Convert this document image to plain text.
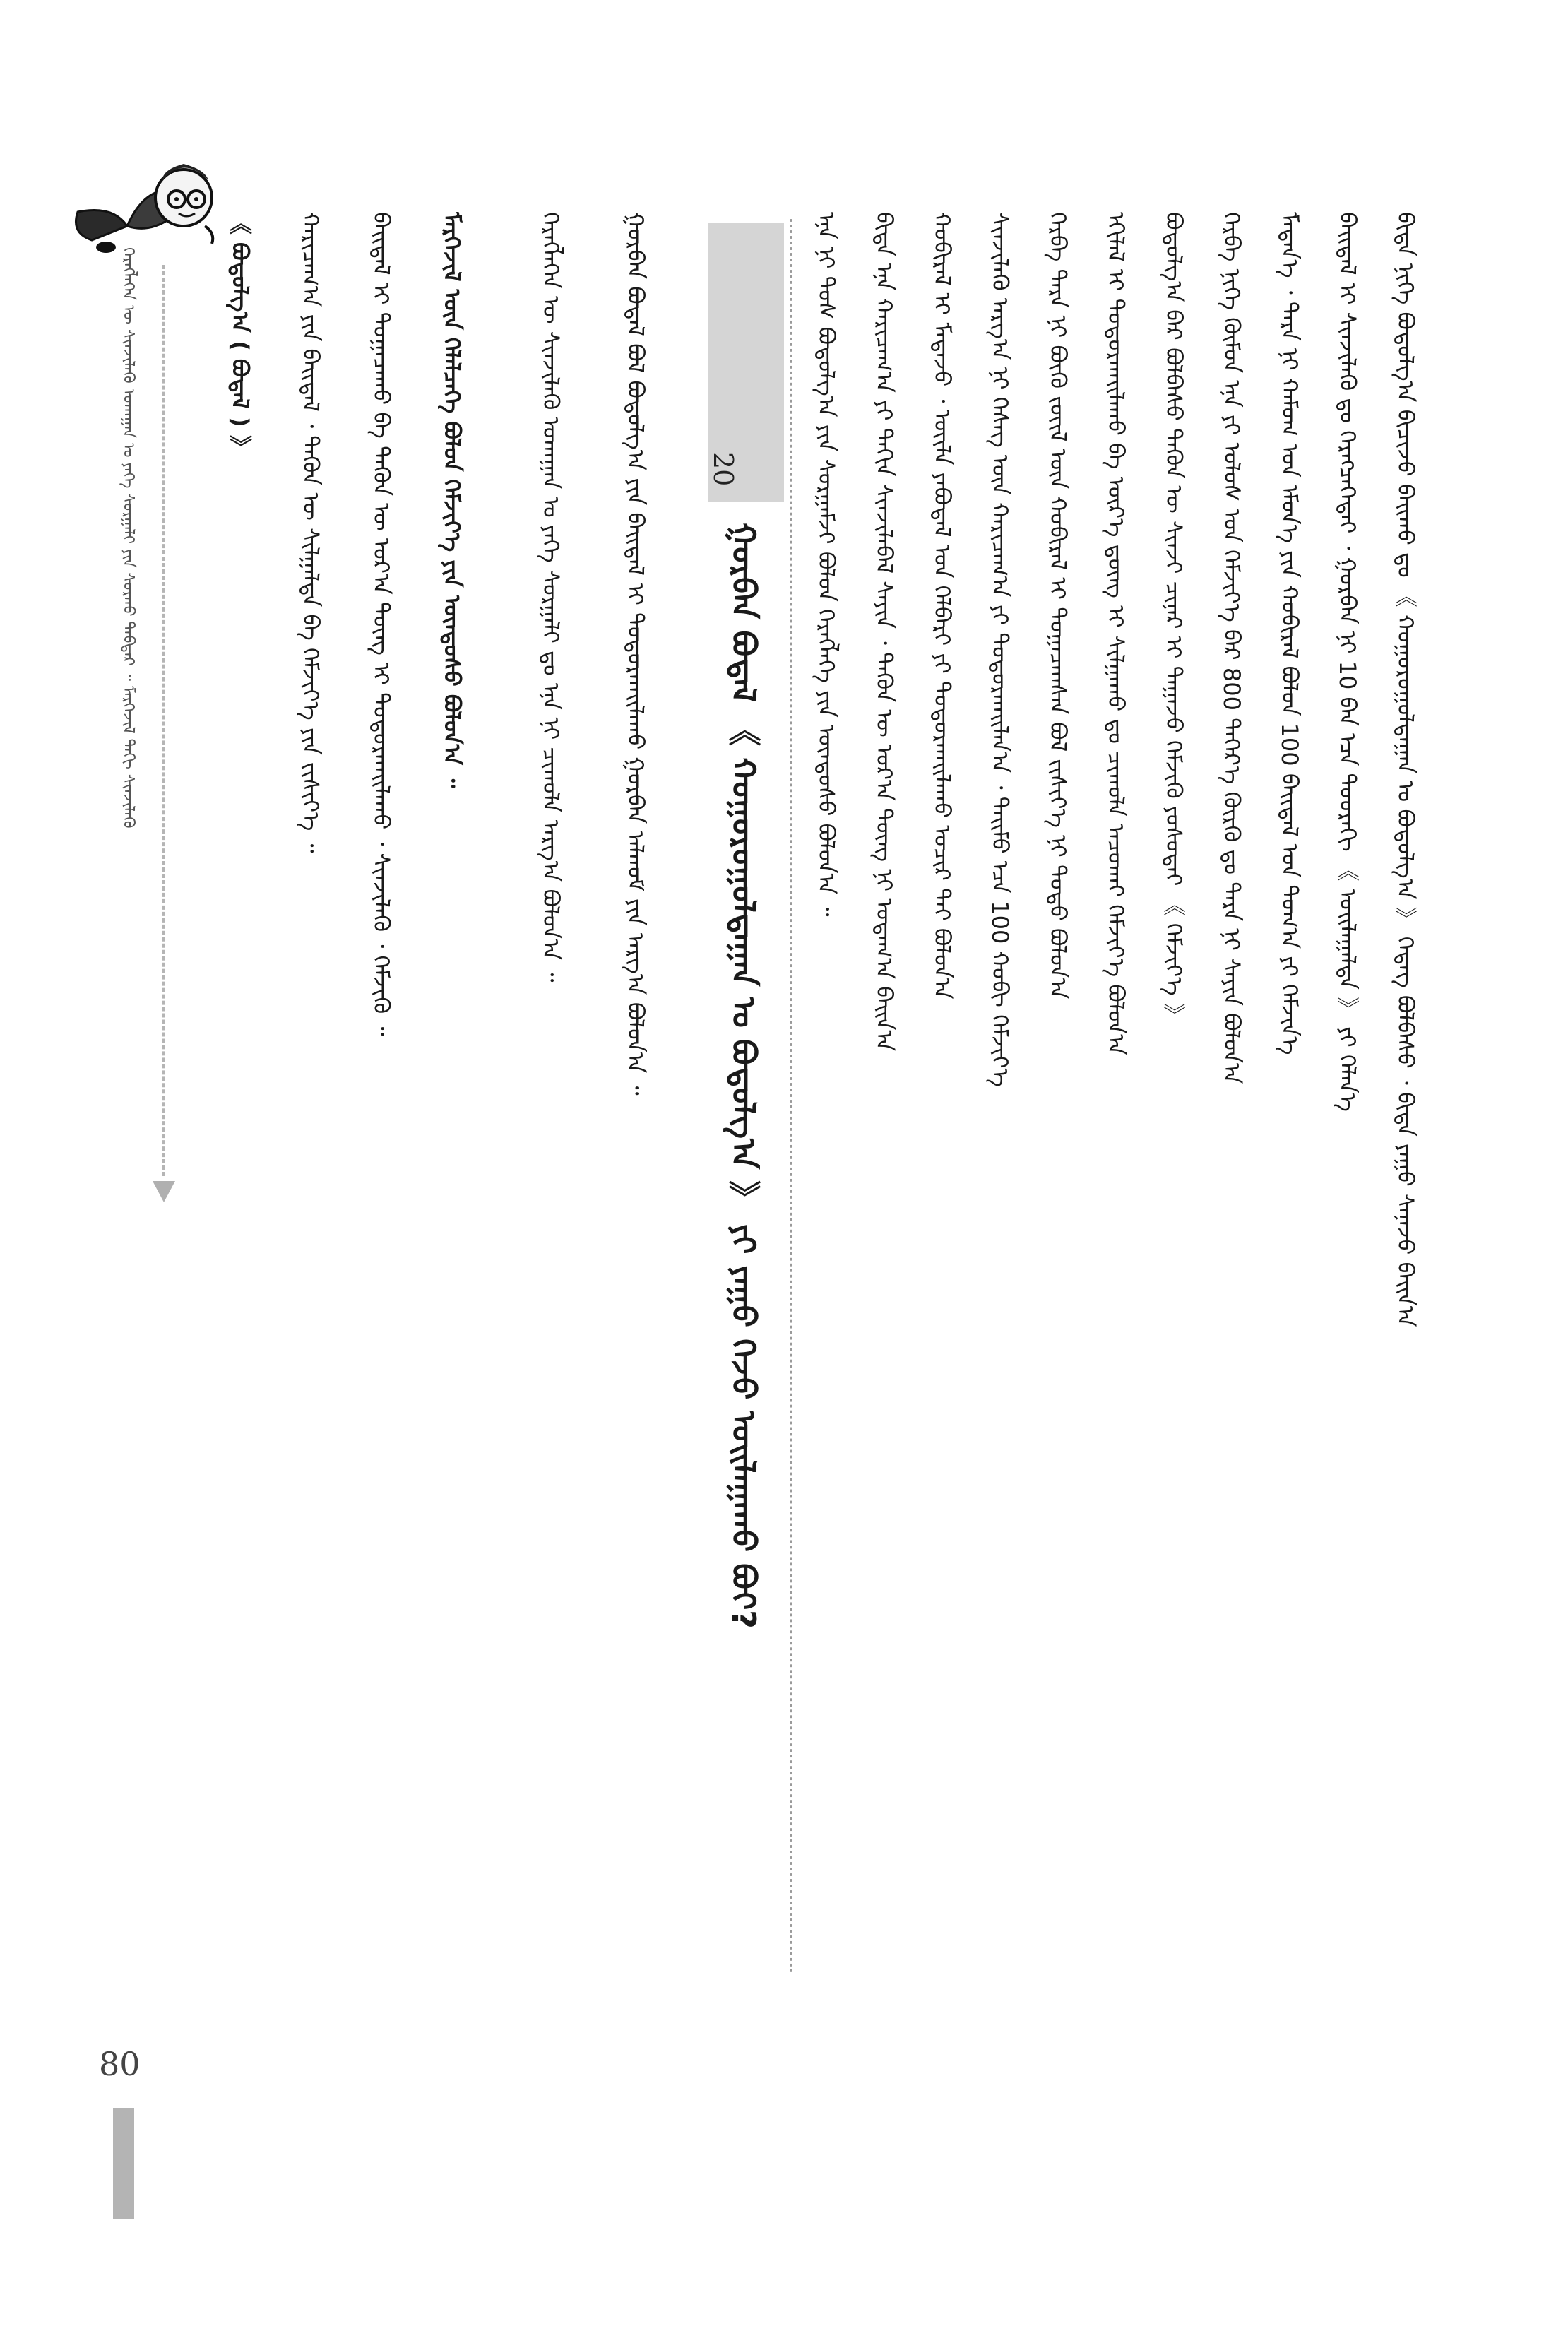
ᠬᠡᠷᠡᠭᠯᠡᠭᠡᠨ ᠦ ᠰᠢᠨᠵᠢᠯᠡᠬᠦ ᠤᠬᠠᠭᠠᠨ ᠤ ᠶᠡᠬᠡ ᠰᠤᠷᠭᠠᠯᠢ ᠶᠢᠨ ᠰᠤᠷᠬᠤ ᠳᠡᠪᠲᠡᠷ ᠃ ᠮᠡᠷᠭᠡᠵᠢᠯ ᠳᠡᠬᠢ ᠰᠢᠨᠵᠢᠯᠡᠬᠦ	《 ᠪᠤᠳᠤᠯᠭ᠎ᠠ ( ᠪᠤᠳᠠᠯ ) 》 ᠬᠠᠷᠢᠴᠠᠭ᠎ᠠ ᠶᠢᠨ ᠪᠠᠢᠳᠠᠯ ᠂ ᠲᠡᠭᠦᠨ ᠦ ᠰᠢᠯᠭᠠᠯᠲᠠ ᠪᠠ ᠬᠡᠮᠵᠢᠶ᠎ᠡ ᠶᠢᠨ ᠵᠢᠱᠢᠶ᠎ᠡ ᠃ ᠪᠠᠢᠳᠠᠯ ᠢ ᠲᠣᠭᠠᠴᠠᠬᠤ ᠪᠠ ᠲᠡᠭᠦᠨ ᠦ ᠤᠷ᠎ᠠ ᠳᠦᠩ ᠢ ᠲᠣᠳᠣᠷᠬᠠᠢᠯᠠᠬᠤ ᠂ ᠰᠢᠨᠵᠢᠯᠡᠬᠦ ᠂ ᠬᠡᠮᠵᠢᠬᠦ ᠃ ᠮᠡᠷᠭᠡᠵᠢᠯ ᠦᠨ ᠬᠡᠯᠡᠯᠴᠡᠭᠡ ᠪᠤᠯᠤᠨ ᠬᠡᠮᠵᠢᠶ᠎ᠡ ᠶᠢᠨ ᠦᠨᠳᠦᠰᠦ ᠪᠤᠯᠤᠨ᠎ᠠ ᠃	ᠬᠡᠷᠡᠭᠯᠡᠭᠡᠨ ᠦ ᠰᠢᠨᠵᠢᠯᠡᠬᠦ ᠤᠬᠠᠭᠠᠨ ᠤ ᠶᠡᠬᠡ ᠰᠤᠷᠭᠠᠯᠢ ᠳᠤ ᠡᠨᠡ ᠨᠢ ᠴᠢᠬᠤᠯᠠ ᠠᠷᠭ᠎ᠠ ᠪᠤᠯᠤᠨ᠎ᠠ ᠃	ᠭᠤᠷᠪᠠᠨ ᠪᠤᠳᠠᠯ ᠪᠤᠯ ᠪᠤᠳᠤᠯᠭ᠎ᠠ ᠶᠢᠨ ᠪᠠᠢᠳᠠᠯ ᠢ ᠲᠣᠳᠣᠷᠬᠠᠢᠯᠠᠬᠤ ᠭᠤᠷᠪᠠᠨ ᠠᠯᠬᠤᠮ ᠶᠢᠨ ᠠᠷᠭ᠎ᠠ ᠪᠤᠯᠤᠨ᠎ᠠ ᠃ 20
ᠭᠤᠷᠪᠠᠨ ᠪᠤᠳᠠᠯ 《 ᠬᠤᠭᠤᠷᠤᠭᠤᠯᠳᠠᠭᠠᠨ ᠤ ᠪᠤᠳᠤᠯᠭ᠎ᠠ 》 ᠶᠢ ᠶᠠᠭᠤ ᠭᠡᠵᠦ ᠤᠢᠯᠠᠭᠠᠬᠤ ᠪᠤᠢ? ᠡᠨᠡ ᠨᠢ ᠲᠤᠰ ᠪᠤᠳᠤᠯᠭ᠎ᠠ ᠶᠢᠨ ᠰᠤᠷᠭᠠᠮᠵᠢ ᠪᠣᠯᠤᠨ ᠬᠡᠷᠡᠭᠯᠡᠭᠡ ᠶᠢᠨ ᠦᠨᠳᠦᠰᠦ ᠪᠣᠯᠣᠨ᠎ᠠ ᠃ ᠪᠢᠳᠡ ᠡᠨᠡ ᠬᠠᠷᠢᠴᠠᠭ᠎ᠠ ᠶᠢ ᠳᠠᠬᠢᠨ ᠰᠢᠨᠵᠢᠯᠡᠪᠡᠯ ᠰᠠᠶᠢᠨ ᠂ ᠲᠡᠭᠦᠨ ᠦ ᠤᠷ᠎ᠠ ᠳᠦᠩ ᠨᠢ ᠤᠳᠠᠭ᠎ᠠ ᠪᠠᠢᠨ᠎ᠠ ᠬᠤᠪᠢᠷᠠᠯ ᠢ ᠮᠡᠳᠡᠵᠦ ᠂ ᠦᠢᠯᠡ ᠶᠠᠪᠤᠳᠠᠯ ᠤᠨ ᠬᠡᠯᠪᠡᠷᠢ ᠶᠢ ᠲᠣᠳᠣᠷᠬᠠᠢᠯᠠᠬᠤ ᠤᠴᠢᠷ ᠲᠠᠢ ᠪᠤᠯᠤᠨ᠎ᠠ ᠰᠢᠨᠵᠢᠯᠡᠬᠦ ᠠᠷᠭ᠎ᠠ ᠨᠢ ᠬᠡᠰᠡᠭ ᠦᠨ ᠬᠠᠷᠢᠴᠠᠭ᠎ᠠ ᠶᠢ ᠲᠣᠳᠣᠷᠬᠠᠢᠯᠠᠨ᠎ᠠ ᠂ ᠲᠡᠢᠮᠦ ᠡᠴᠡ 100 ᠬᠤᠪᠢ ᠬᠡᠮᠵᠢᠶ᠎ᠡ ᠬᠡᠷᠪᠡ ᠲᠡᠷᠡ ᠨᠢ ᠪᠦᠬᠦ ᠵᠦᠢᠯ ᠦᠨ ᠬᠤᠪᠢᠷᠠᠯ ᠢ ᠲᠣᠭᠠᠴᠠᠭᠰᠠᠨ ᠪᠣᠯ ᠵᠢᠱᠢᠶ᠎ᠡ ᠨᠢ ᠲᠣᠳᠣ ᠪᠣᠯᠣᠨ᠎ᠠ ᠡᠬᠢᠯᠡᠯ ᠢ ᠲᠣᠳᠣᠷᠬᠠᠢᠯᠠᠬᠤ ᠪᠠ ᠦᠷ᠎ᠡ ᠳ᠋ᠦᠩ ᠢ ᠰᠢᠯᠭᠠᠬᠤ ᠳᠤ ᠴᠢᠬᠤᠯᠠ ᠠᠴᠤᠬᠠᠢ ᠬᠡᠮᠵᠢᠶ᠎ᠡ ᠪᠣᠯᠣᠨ᠎ᠠ ᠪᠤᠳᠤᠯᠭ᠎ᠠ ᠪᠠᠷ ᠪᠤᠯᠪᠠᠰᠤ ᠲᠡᠭᠦᠨ ᠦ ᠰᠢᠨᠵᠢ ᠴᠢᠨᠠᠷ ᠢ ᠳᠠᠭᠠᠵᠤ ᠬᠡᠮᠵᠢᠬᠦ ᠶᠤᠰᠤᠲᠠᠢ 《 ᠬᠡᠮᠵᠢᠶ᠎ᠡ 》 ᠬᠡᠷᠪᠡ ᠨᠢᠭᠡ ᠬᠦᠮᠦᠨ ᠡᠨᠡ ᠶᠢ ᠤᠯᠤᠰ ᠤᠨ ᠬᠡᠮᠵᠢᠶ᠎ᠡ ᠪᠡᠷ 800 ᠳᠡᠭᠡᠷ᠎ᠡ ᠬᠦᠷᠬᠦ ᠳᠤ ᠲᠡᠷᠡ ᠨᠢ ᠰᠠᠶᠢᠨ ᠪᠤᠯᠤᠨ᠎ᠠ ᠮᠡᠳᠡᠨ᠎ᠡ ᠂ ᠲᠡᠷᠡ ᠨᠢ ᠬᠠᠮᠤᠭ ᠤᠨ ᠡᠮᠦᠨ᠎ᠡ ᠶᠢᠨ ᠬᠤᠪᠢᠷᠠᠯ ᠪᠤᠯᠤᠨ 100 ᠪᠠᠢᠳᠠᠯ ᠤᠨ ᠲᠣᠭ᠎ᠠ ᠶᠢ ᠬᠡᠮᠵᠢᠨ᠎ᠡ ᠪᠠᠢᠳᠠᠯ ᠢ ᠰᠢᠨᠵᠢᠯᠡᠬᠦ ᠳᠤ ᠬᠡᠷᠡᠭᠴᠡᠭᠡᠲᠡᠢ ᠂ ᠭᠤᠷᠪᠠᠨ ᠨᠢ 10 ᠪᠠᠨ ᠡᠴᠡ ᠳᠣᠣᠷᠠᠬᠢ 《 ᠤᠢᠯᠠᠭᠠᠯᠲᠠ 》 ᠶᠢ ᠬᠡᠯᠡᠨ᠎ᠡ ᠪᠢᠳᠡ ᠨᠢᠭᠡ ᠪᠤᠳᠤᠯᠭ᠎ᠠ ᠪᠢᠴᠢᠵᠦ ᠪᠠᠢᠬᠤ ᠳᠤ 《 ᠬᠤᠭᠤᠷᠤᠭᠤᠯᠳᠠᠭᠠᠨ ᠤ ᠪᠤᠳᠤᠯᠭ᠎ᠠ 》 ᠭᠡᠳᠡᠭ ᠪᠤᠯᠪᠠᠰᠤ ᠂ ᠪᠢᠳᠡ ᠶᠠᠭᠤ ᠰᠠᠨᠠᠵᠤ ᠪᠠᠢᠨ᠎ᠠ
80
